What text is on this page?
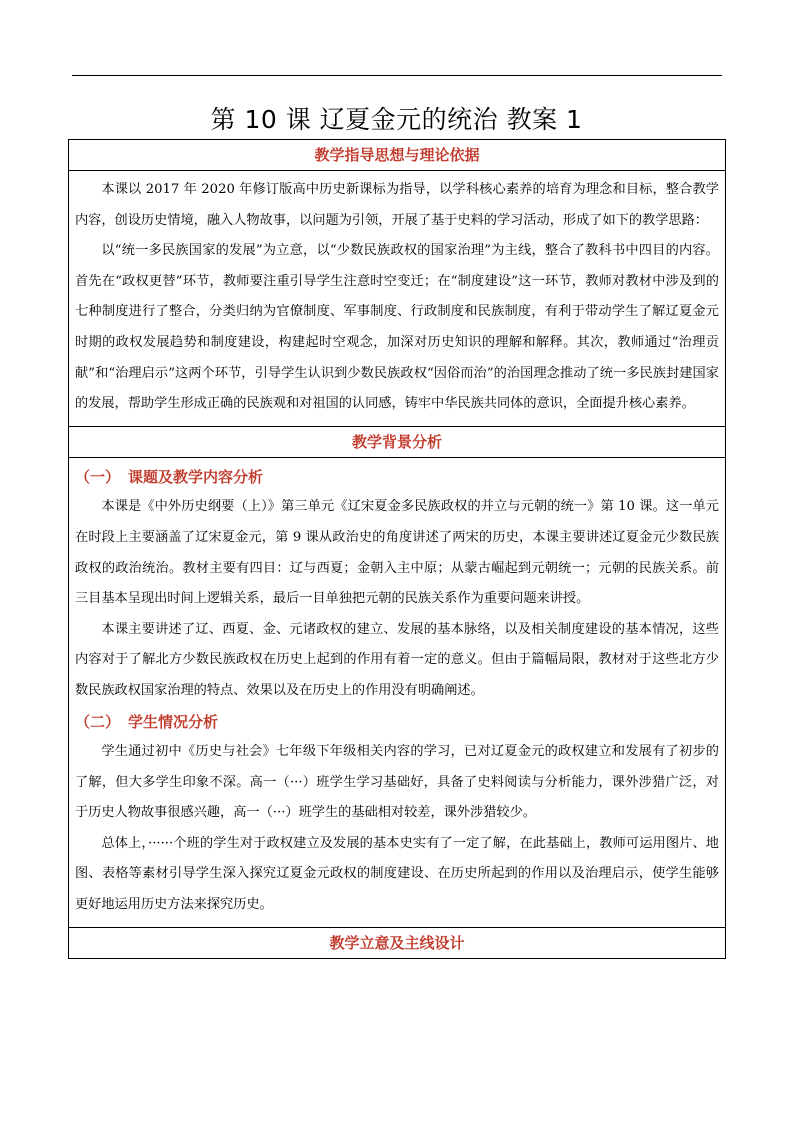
第 10 课 辽夏金元的统治 教案 1
教学指导思想与理论依据

本课以 2017 年 2020 年修订版高中历史新课标为指导，以学科核心素养的培育为理念和目标，整合教学内容，创设历史情境，融入人物故事，以问题为引领，开展了基于史料的学习活动，形成了如下的教学思路：

以“统一多民族国家的发展”为立意，以“少数民族政权的国家治理”为主线，整合了教科书中四目的内容。首先在“政权更替”环节，教师要注重引导学生注意时空变迁；在“制度建设”这一环节，教师对教材中涉及到的七种制度进行了整合，分类归纳为官僚制度、军事制度、行政制度和民族制度，有利于带动学生了解辽夏金元时期的政权发展趋势和制度建设，构建起时空观念，加深对历史知识的理解和解释。其次，教师通过“治理贡献”和“治理启示”这两个环节，引导学生认识到少数民族政权“因俗而治”的治国理念推动了统一多民族封建国家的发展，帮助学生形成正确的民族观和对祖国的认同感，铸牢中华民族共同体的意识，全面提升核心素养。

教学背景分析

（一） 课题及教学内容分析

本课是《中外历史纲要（上）》第三单元《辽宋夏金多民族政权的并立与元朝的统一》第 10 课。这一单元在时段上主要涵盖了辽宋夏金元，第 9 课从政治史的角度讲述了两宋的历史，本课主要讲述辽夏金元少数民族政权的政治统治。教材主要有四目：辽与西夏；金朝入主中原；从蒙古崛起到元朝统一；元朝的民族关系。前三目基本呈现出时间上逻辑关系，最后一目单独把元朝的民族关系作为重要问题来讲授。

本课主要讲述了辽、西夏、金、元诸政权的建立、发展的基本脉络，以及相关制度建设的基本情况，这些内容对于了解北方少数民族政权在历史上起到的作用有着一定的意义。但由于篇幅局限，教材对于这些北方少数民族政权国家治理的特点、效果以及在历史上的作用没有明确阐述。

（二） 学生情况分析

学生通过初中《历史与社会》七年级下年级相关内容的学习，已对辽夏金元的政权建立和发展有了初步的了解，但大多学生印象不深。高一（···）班学生学习基础好，具备了史料阅读与分析能力，课外涉猎广泛，对于历史人物故事很感兴趣，高一（···）班学生的基础相对较差，课外涉猎较少。

总体上，······个班的学生对于政权建立及发展的基本史实有了一定了解，在此基础上，教师可运用图片、地图、表格等素材引导学生深入探究辽夏金元政权的制度建设、在历史所起到的作用以及治理启示，使学生能够更好地运用历史方法来探究历史。

教学立意及主线设计
